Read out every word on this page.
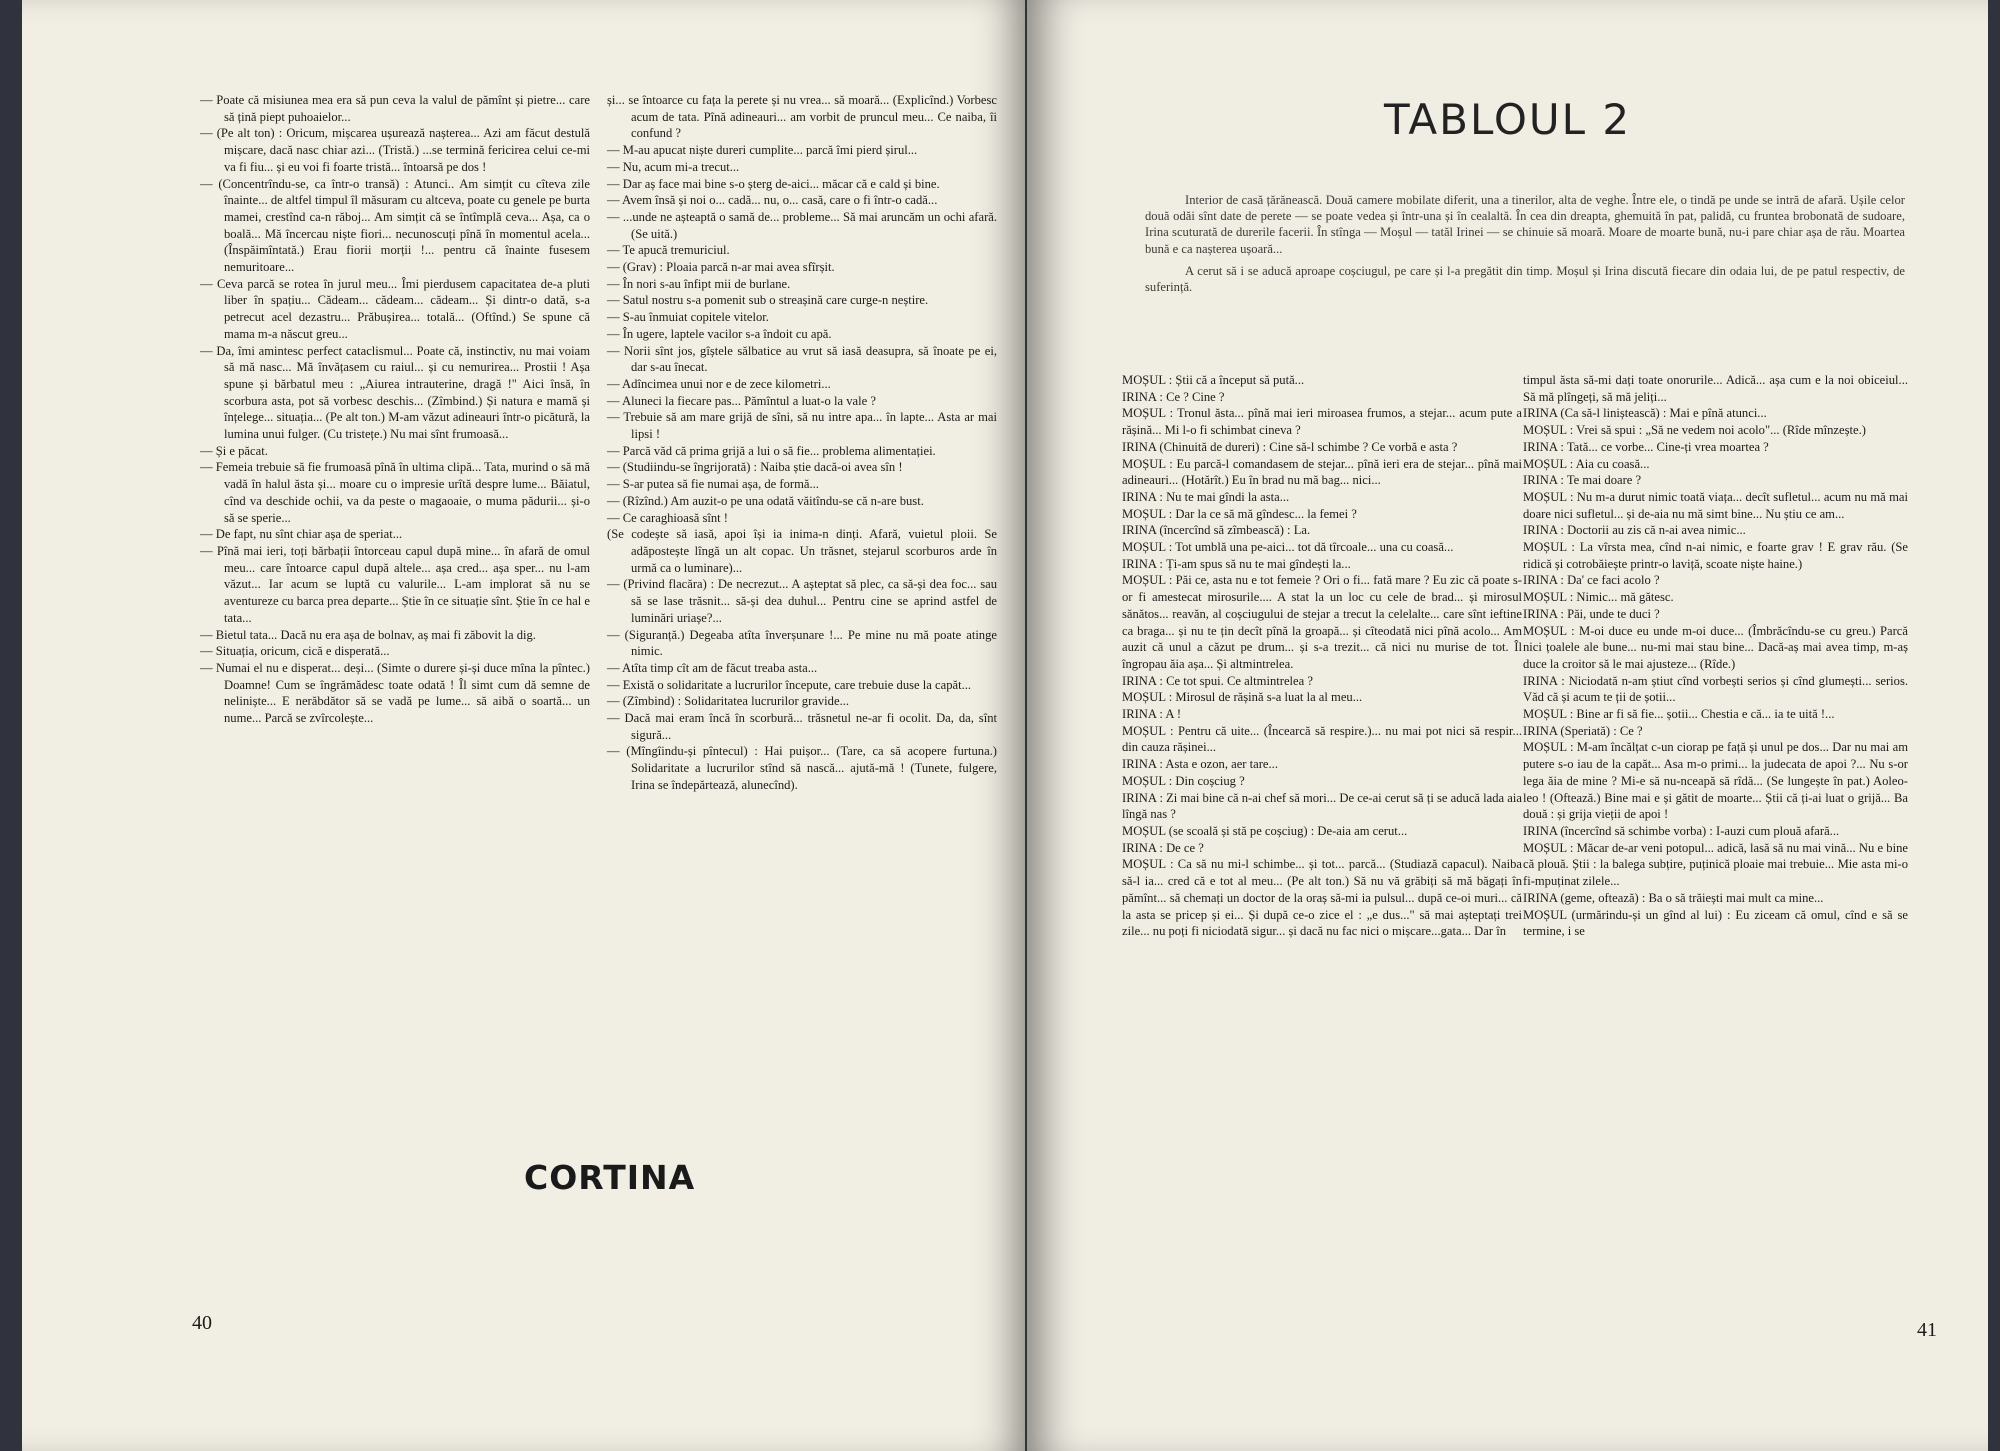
— Poate că misiunea mea era să pun ceva la valul de pămînt și pietre... care să țină piept puhoaielor...

— (Pe alt ton) : Oricum, mișcarea ușurează nașterea... Azi am făcut destulă mișcare, dacă nasc chiar azi... (Tristă.) ...se termină fericirea celui ce-mi va fi fiu... și eu voi fi foarte tristă... întoarsă pe dos !

— (Concentrîndu-se, ca într-o transă) : Atunci.. Am simțit cu cîteva zile înainte... de altfel timpul îl măsuram cu altceva, poate cu genele pe burta mamei, crestînd ca-n răboj... Am simțit că se întîmplă ceva... Așa, ca o boală... Mă încercau niște fiori... necunoscuți pînă în momentul acela... (Înspăimîntată.) Erau fiorii morții !... pentru că înainte fusesem nemuritoare...

— Ceva parcă se rotea în jurul meu... Îmi pierdusem capacitatea de-a pluti liber în spațiu... Cădeam... cădeam... cădeam... Și dintr-o dată, s-a petrecut acel dezastru... Prăbușirea... totală... (Oftînd.) Se spune că mama m-a născut greu...

— Da, îmi amintesc perfect cataclismul... Poate că, instinctiv, nu mai voiam să mă nasc... Mă învățasem cu raiul... și cu nemurirea... Prostii ! Așa spune și bărbatul meu : „Aiurea intrauterine, dragă !" Aici însă, în scorbura asta, pot să vorbesc deschis... (Zîmbind.) Și natura e mamă și înțelege... situația... (Pe alt ton.) M-am văzut adineauri într-o picătură, la lumina unui fulger. (Cu tristețe.) Nu mai sînt frumoasă...

— Și e păcat.

— Femeia trebuie să fie frumoasă pînă în ultima clipă... Tata, murind o să mă vadă în halul ăsta și... moare cu o impresie urîtă despre lume... Băiatul, cînd va deschide ochii, va da peste o magaoaie, o muma pădurii... și-o să se sperie...

— De fapt, nu sînt chiar așa de speriat...

— Pînă mai ieri, toți bărbații întorceau capul după mine... în afară de omul meu... care întoarce capul după altele... așa cred... așa sper... nu l-am văzut... Iar acum se luptă cu valurile... L-am implorat să nu se aventureze cu barca prea departe... Știe în ce situație sînt. Știe în ce hal e tata...

— Bietul tata... Dacă nu era așa de bolnav, aș mai fi zăbovit la dig.

— Situația, oricum, cică e disperată...

— Numai el nu e disperat... deși... (Simte o durere și-și duce mîna la pîntec.) Doamne! Cum se îngrămădesc toate odată ! Îl simt cum dă semne de neliniște... E nerăbdător să se vadă pe lume... să aibă o soartă... un nume... Parcă se zvîrcolește...

și... se întoarce cu fața la perete și nu vrea... să moară... (Explicînd.) Vorbesc acum de tata. Pînă adineauri... am vorbit de pruncul meu... Ce naiba, îi confund ?

— M-au apucat niște dureri cumplite... parcă îmi pierd șirul...

— Nu, acum mi-a trecut...

— Dar aș face mai bine s-o șterg de-aici... măcar că e cald și bine.

— Avem însă și noi o... cadă... nu, o... casă, care o fi într-o cadă...

— ...unde ne așteaptă o samă de... probleme... Să mai aruncăm un ochi afară. (Se uită.)

— Te apucă tremuriciul.

— (Grav) : Ploaia parcă n-ar mai avea sfîrșit.

— În nori s-au înfipt mii de burlane.

— Satul nostru s-a pomenit sub o streașină care curge-n neștire.

— S-au înmuiat copitele vitelor.

— În ugere, laptele vacilor s-a îndoit cu apă.

— Norii sînt jos, gîștele sălbatice au vrut să iasă deasupra, să înoate pe ei, dar s-au înecat.

— Adîncimea unui nor e de zece kilometri...

— Aluneci la fiecare pas... Pămîntul a luat-o la vale ?

— Trebuie să am mare grijă de sîni, să nu intre apa... în lapte... Asta ar mai lipsi !

— Parcă văd că prima grijă a lui o să fie... problema alimentației.

— (Studiindu-se îngrijorată) : Naiba știe dacă-oi avea sîn !

— S-ar putea să fie numai așa, de formă...

— (Rîzînd.) Am auzit-o pe una odată văitîndu-se că n-are bust.

— Ce caraghioasă sînt !

(Se codește să iasă, apoi își ia inima-n dinți. Afară, vuietul ploii. Se adăpostește lîngă un alt copac. Un trăsnet, stejarul scorburos arde în urmă ca o luminare)...

— (Privind flacăra) : De necrezut... A așteptat să plec, ca să-și dea foc... sau să se lase trăsnit... să-și dea duhul... Pentru cine se aprind astfel de luminări uriașe?...

— (Siguranță.) Degeaba atîta înverșunare !... Pe mine nu mă poate atinge nimic.

— Atîta timp cît am de făcut treaba asta...

— Există o solidaritate a lucrurilor începute, care trebuie duse la capăt...

— (Zîmbind) : Solidaritatea lucrurilor gravide...

— Dacă mai eram încă în scorbură... trăsnetul ne-ar fi ocolit. Da, da, sînt sigură...

— (Mîngîindu-și pîntecul) : Hai puișor... (Tare, ca să acopere furtuna.) Solidaritate a lucrurilor stînd să nască... ajută-mă ! (Tunete, fulgere, Irina se îndepărtează, alunecînd).

CORTINA
40
TABLOUL 2

Interior de casă țărănească. Două camere mobilate diferit, una a tinerilor, alta de veghe. Între ele, o tindă pe unde se intră de afară. Ușile celor două odăi sînt date de perete — se poate vedea și într-una și în cealaltă. În cea din dreapta, ghemuită în pat, palidă, cu fruntea brobonată de sudoare, Irina scuturată de durerile facerii. În stînga — Moșul — tatăl Irinei — se chinuie să moară. Moare de moarte bună, nu-i pare chiar așa de rău. Moartea bună e ca nașterea ușoară...

A cerut să i se aducă aproape coșciugul, pe care și l-a pregătit din timp. Moșul și Irina discută fiecare din odaia lui, de pe patul respectiv, de suferință.

MOȘUL : Știi că a început să pută...

IRINA : Ce ? Cine ?

MOȘUL : Tronul ăsta... pînă mai ieri miroasea frumos, a stejar... acum pute a rășină... Mi l-o fi schimbat cineva ?

IRINA (Chinuită de dureri) : Cine să-l schimbe ? Ce vorbă e asta ?

MOȘUL : Eu parcă-l comandasem de stejar... pînă ieri era de stejar... pînă mai adineauri... (Hotărît.) Eu în brad nu mă bag... nici...

IRINA : Nu te mai gîndi la asta...

MOȘUL : Dar la ce să mă gîndesc... la femei ?

IRINA (încercînd să zîmbească) : La.

MOȘUL : Tot umblă una pe-aici... tot dă tîrcoale... una cu coasă...

IRINA : Ți-am spus să nu te mai gîndești la...

MOȘUL : Păi ce, asta nu e tot femeie ? Ori o fi... fată mare ? Eu zic că poate s-or fi amestecat mirosurile.... A stat la un loc cu cele de brad... și mirosul sănătos... reavăn, al coșciugului de stejar a trecut la celelalte... care sînt ieftine ca braga... și nu te țin decît pînă la groapă... și cîteodată nici pînă acolo... Am auzit că unul a căzut pe drum... și s-a trezit... că nici nu murise de tot. Îl îngropau ăia așa... Și altmintrelea.

IRINA : Ce tot spui. Ce altmintrelea ?

MOȘUL : Mirosul de rășină s-a luat la al meu...

IRINA : A !

MOȘUL : Pentru că uite... (Încearcă să respire.)... nu mai pot nici să respir... din cauza rășinei...

IRINA : Asta e ozon, aer tare...

MOȘUL : Din coșciug ?

IRINA : Zi mai bine că n-ai chef să mori... De ce-ai cerut să ți se aducă lada aia lîngă nas ?

MOȘUL (se scoală și stă pe coșciug) : De-aia am cerut...

IRINA : De ce ?

MOȘUL : Ca să nu mi-l schimbe... și tot... parcă... (Studiază capacul). Naiba să-l ia... cred că e tot al meu... (Pe alt ton.) Să nu vă grăbiți să mă băgați în pămînt... să chemați un doctor de la oraș să-mi ia pulsul... după ce-oi muri... că la asta se pricep și ei... Și după ce-o zice el : „e dus..." să mai așteptați trei zile... nu poți fi niciodată sigur... și dacă nu fac nici o mișcare...gata... Dar în

timpul ăsta să-mi dați toate onorurile... Adică... așa cum e la noi obiceiul... Să mă plîngeți, să mă jeliți...

IRINA (Ca să-l liniștească) : Mai e pînă atunci...

MOȘUL : Vrei să spui : „Să ne vedem noi acolo"... (Rîde mînzește.)

IRINA : Tată... ce vorbe... Cine-ți vrea moartea ?

MOȘUL : Aia cu coasă...

IRINA : Te mai doare ?

MOȘUL : Nu m-a durut nimic toată viața... decît sufletul... acum nu mă mai doare nici sufletul... și de-aia nu mă simt bine... Nu știu ce am...

IRINA : Doctorii au zis că n-ai avea nimic...

MOȘUL : La vîrsta mea, cînd n-ai nimic, e foarte grav ! E grav rău. (Se ridică și cotrobăiește printr-o laviță, scoate niște haine.)

IRINA : Da' ce faci acolo ?

MOȘUL : Nimic... mă gătesc.

IRINA : Păi, unde te duci ?

MOȘUL : M-oi duce eu unde m-oi duce... (Îmbrăcîndu-se cu greu.) Parcă nici țoalele ale bune... nu-mi mai stau bine... Dacă-aș mai avea timp, m-aș duce la croitor să le mai ajusteze... (Rîde.)

IRINA : Niciodată n-am știut cînd vorbești serios și cînd glumești... serios. Văd că și acum te ții de șotii...

MOȘUL : Bine ar fi să fie... șotii... Chestia e că... ia te uită !...

IRINA (Speriată) : Ce ?

MOȘUL : M-am încălțat c-un ciorap pe față și unul pe dos... Dar nu mai am putere s-o iau de la capăt... Asa m-o primi... la judecata de apoi ?... Nu s-or lega ăia de mine ? Mi-e să nu-nceapă să rîdă... (Se lungește în pat.) Aoleo-leo ! (Oftează.) Bine mai e și gătit de moarte... Știi că ți-ai luat o grijă... Ba două : și grija vieții de apoi !

IRINA (încercînd să schimbe vorba) : I-auzi cum plouă afară...

MOȘUL : Măcar de-ar veni potopul... adică, lasă să nu mai vină... Nu e bine că plouă. Știi : la balega subțire, puținică ploaie mai trebuie... Mie asta mi-o fi-mpuținat zilele...

IRINA (geme, oftează) : Ba o să trăiești mai mult ca mine...

MOȘUL (urmărindu-și un gînd al lui) : Eu ziceam că omul, cînd e să se termine, i se

41
